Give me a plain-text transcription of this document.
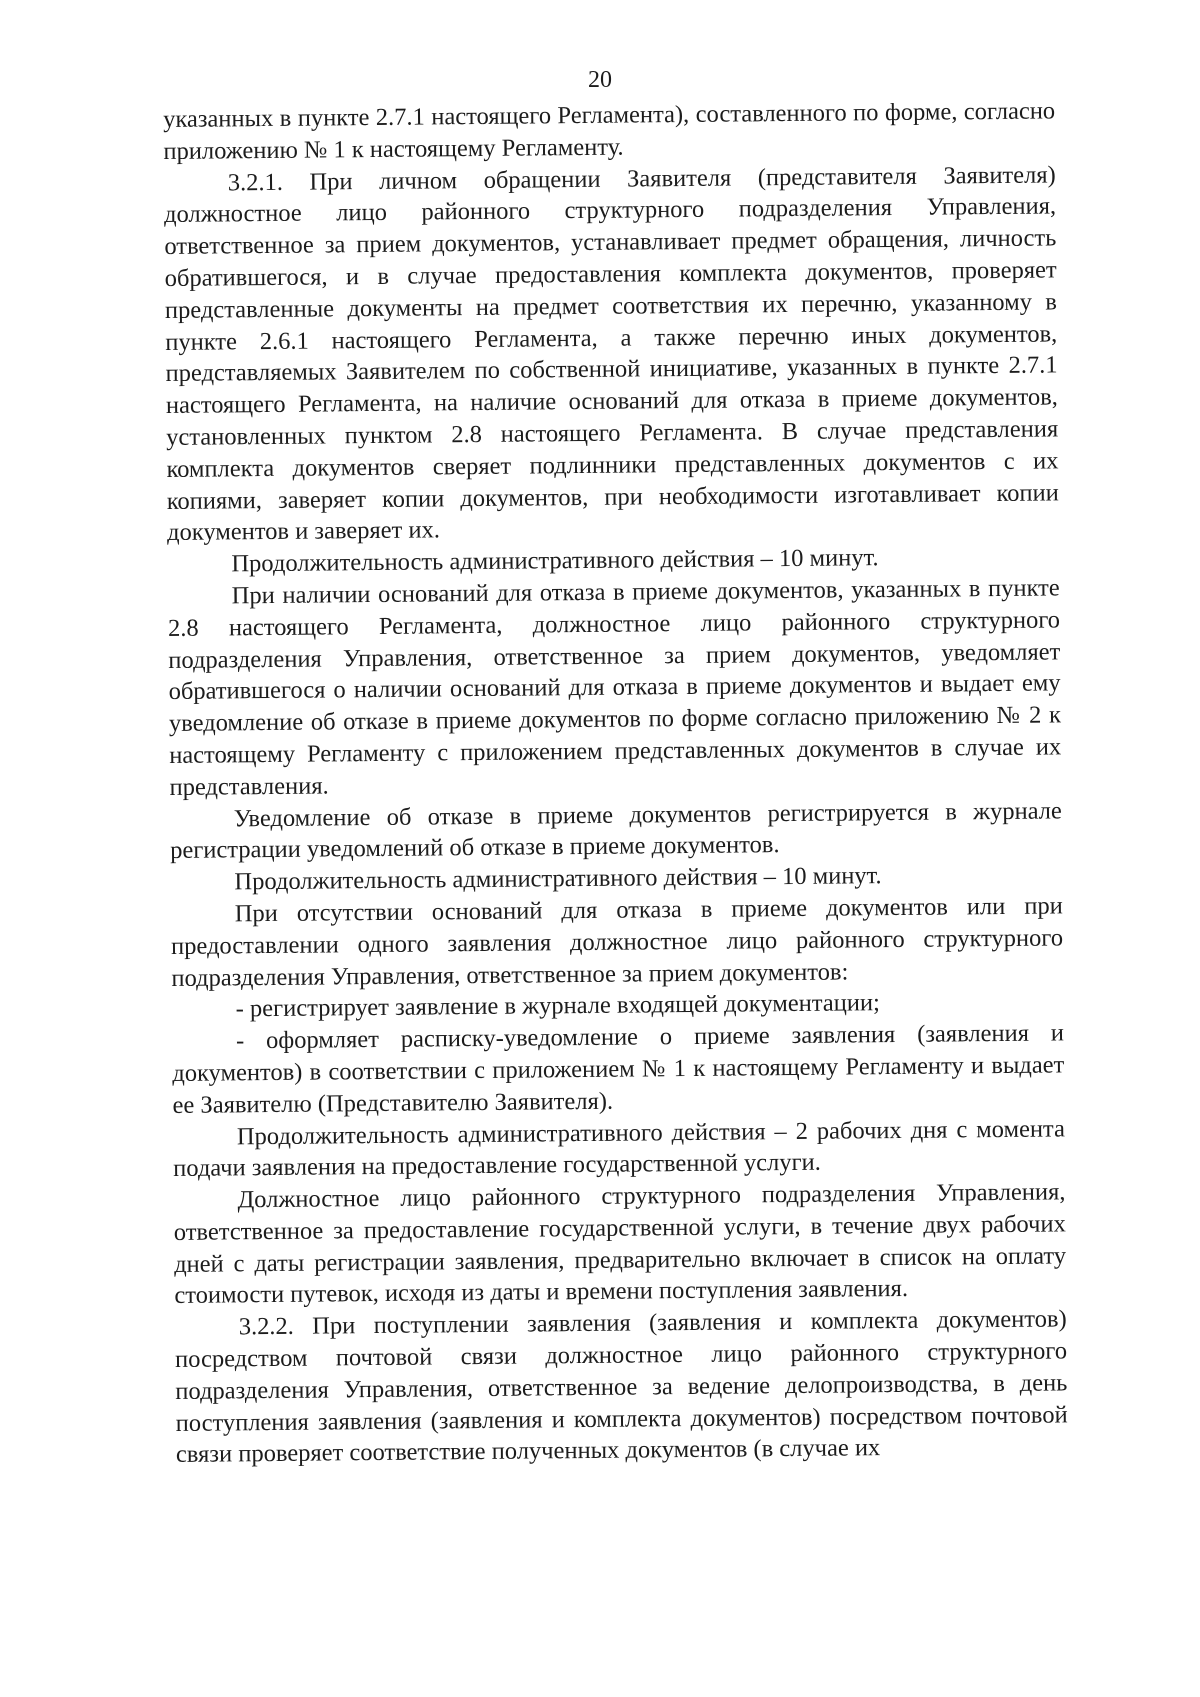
20

указанных в пункте 2.7.1 настоящего Регламента), составленного по форме, согласно приложению № 1 к настоящему Регламенту.

3.2.1. При личном обращении Заявителя (представителя Заявителя) должностное лицо районного структурного подразделения Управления, ответственное за прием документов, устанавливает предмет обращения, личность обратившегося, и в случае предоставления комплекта документов, проверяет представленные документы на предмет соответствия их перечню, указанному в пункте 2.6.1 настоящего Регламента, а также перечню иных документов, представляемых Заявителем по собственной инициативе, указанных в пункте 2.7.1 настоящего Регламента, на наличие оснований для отказа в приеме документов, установленных пунктом 2.8 настоящего Регламента. В случае представления комплекта документов сверяет подлинники представленных документов с их копиями, заверяет копии документов, при необходимости изготавливает копии документов и заверяет их.

Продолжительность административного действия – 10 минут.

При наличии оснований для отказа в приеме документов, указанных в пункте 2.8 настоящего Регламента, должностное лицо районного структурного подразделения Управления, ответственное за прием документов, уведомляет обратившегося о наличии оснований для отказа в приеме документов и выдает ему уведомление об отказе в приеме документов по форме согласно приложению № 2 к настоящему Регламенту с приложением представленных документов в случае их представления.

Уведомление об отказе в приеме документов регистрируется в журнале регистрации уведомлений об отказе в приеме документов.

Продолжительность административного действия – 10 минут.

При отсутствии оснований для отказа в приеме документов или при предоставлении одного заявления должностное лицо районного структурного подразделения Управления, ответственное за прием документов:

- регистрирует заявление в журнале входящей документации;

- оформляет расписку-уведомление о приеме заявления (заявления и документов) в соответствии с приложением № 1 к настоящему Регламенту и выдает ее Заявителю (Представителю Заявителя).

Продолжительность административного действия – 2 рабочих дня с момента подачи заявления на предоставление государственной услуги.

Должностное лицо районного структурного подразделения Управления, ответственное за предоставление государственной услуги, в течение двух рабочих дней с даты регистрации заявления, предварительно включает в список на оплату стоимости путевок, исходя из даты и времени поступления заявления.

3.2.2. При поступлении заявления (заявления и комплекта документов) посредством почтовой связи должностное лицо районного структурного подразделения Управления, ответственное за ведение делопроизводства, в день поступления заявления (заявления и комплекта документов) посредством почтовой связи проверяет соответствие полученных документов (в случае их
